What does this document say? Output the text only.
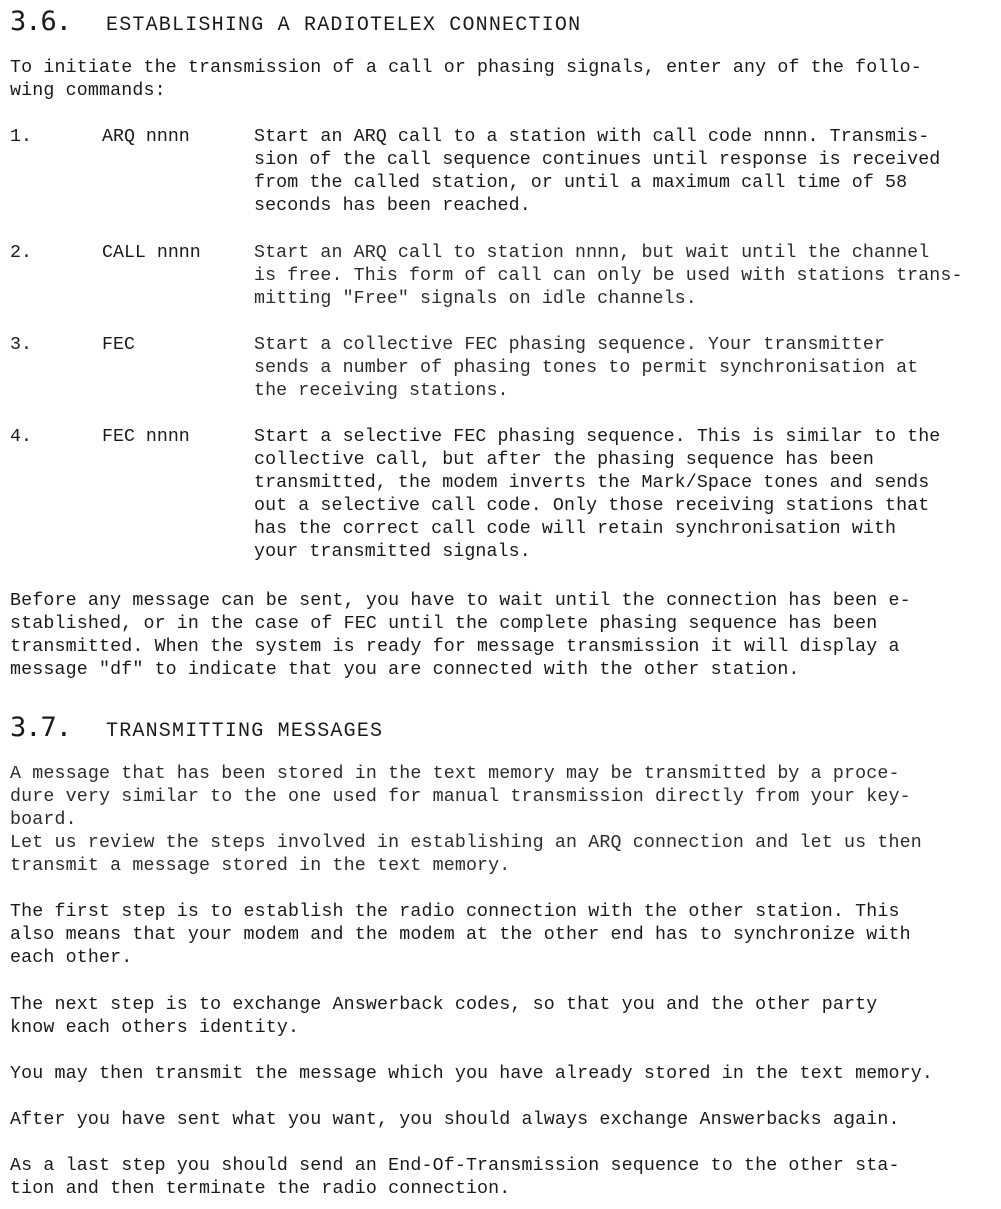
3.6. ESTABLISHING A RADIOTELEX CONNECTION
To initiate the transmission of a call or phasing signals, enter any of the follo-
wing commands:
1.	ARQ nnnn	Start an ARQ call to a station with call code nnnn. Transmis-
sion of the call sequence continues until response is received
from the called station, or until a maximum call time of 58
seconds has been reached.
2.	CALL nnnn	Start an ARQ call to station nnnn, but wait until the channel
is free. This form of call can only be used with stations trans-
mitting "Free" signals on idle channels.
3.	FEC	Start a collective FEC phasing sequence. Your transmitter
sends a number of phasing tones to permit synchronisation at
the receiving stations.
4.	FEC nnnn	Start a selective FEC phasing sequence. This is similar to the
collective call, but after the phasing sequence has been
transmitted, the modem inverts the Mark/Space tones and sends
out a selective call code. Only those receiving stations that
has the correct call code will retain synchronisation with
your transmitted signals.
Before any message can be sent, you have to wait until the connection has been e-
stablished, or in the case of FEC until the complete phasing sequence has been
transmitted. When the system is ready for message transmission it will display a
message "df" to indicate that you are connected with the other station.
3.7. TRANSMITTING MESSAGES
A message that has been stored in the text memory may be transmitted by a proce-
dure very similar to the one used for manual transmission directly from your key-
board.
Let us review the steps involved in establishing an ARQ connection and let us then
transmit a message stored in the text memory.
The first step is to establish the radio connection with the other station. This
also means that your modem and the modem at the other end has to synchronize with
each other.
The next step is to exchange Answerback codes, so that you and the other party
know each others identity.
You may then transmit the message which you have already stored in the text memory.
After you have sent what you want, you should always exchange Answerbacks again.
As a last step you should send an End-Of-Transmission sequence to the other sta-
tion and then terminate the radio connection.
